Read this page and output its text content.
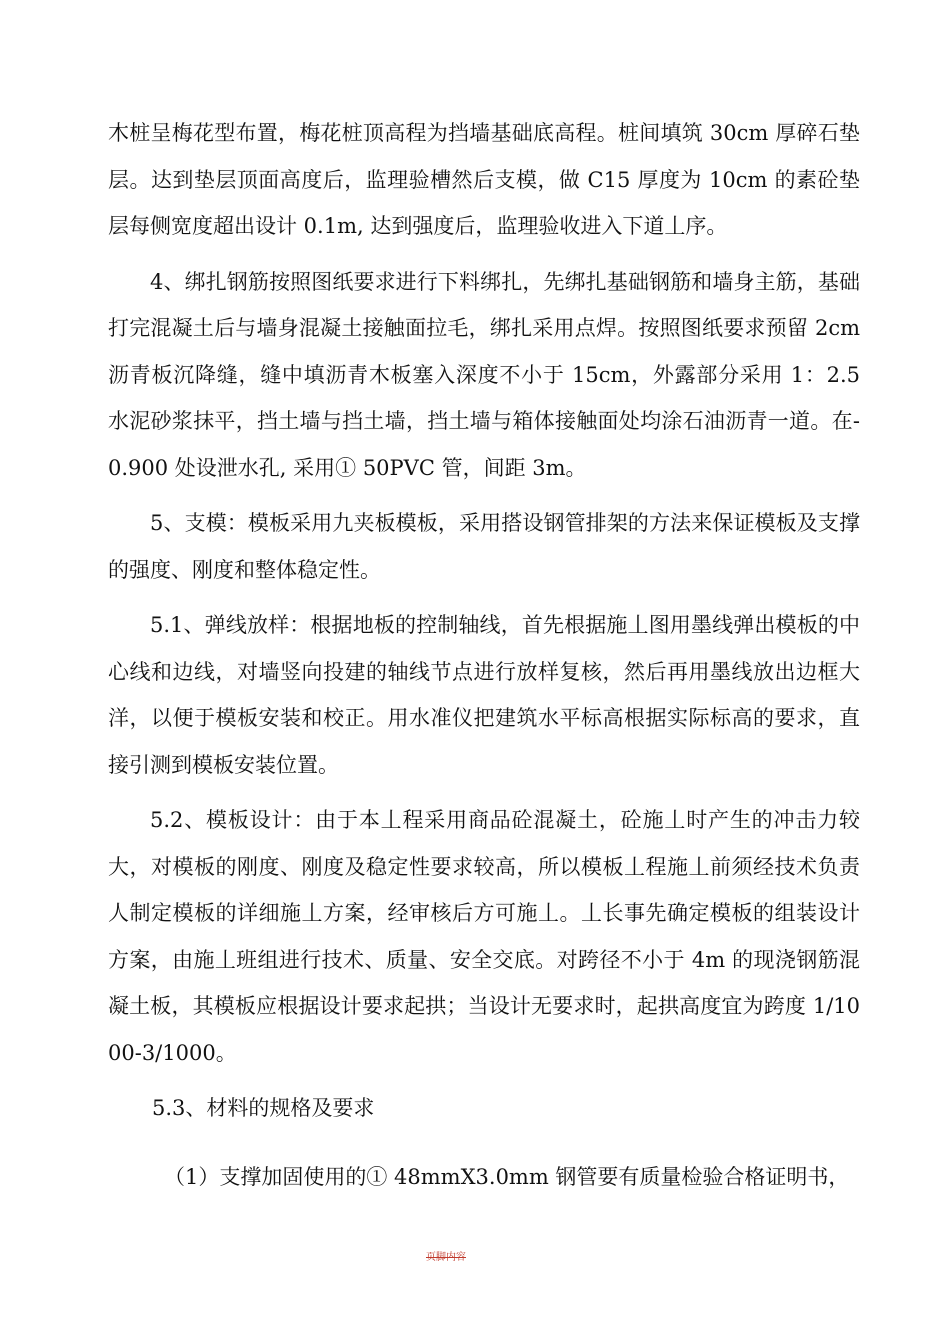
木桩呈梅花型布置，梅花桩顶高程为挡墙基础底高程。桩间填筑 30cm 厚碎石垫层。达到垫层顶面高度后，监理验槽然后支模，做 C15 厚度为 10cm 的素砼垫层每侧宽度超出设计 0.1m, 达到强度后，监理验收进入下道丄序。

4、绑扎钢筋按照图纸要求进行下料绑扎，先绑扎基础钢筋和墙身主筋，基础打完混凝土后与墙身混凝土接触面拉毛，绑扎采用点焊。按照图纸要求预留 2cm 沥青板沉降缝，缝中填沥青木板塞入深度不小于 15cm，外露部分采用 1：2.5 水泥砂浆抹平，挡土墙与挡土墙，挡土墙与箱体接触面处均涂石油沥青一道。在-0.900 处设泄水孔, 采用① 50PVC 管，间距 3m。

5、支模：模板采用九夹板模板，采用搭设钢管排架的方法来保证模板及支撑的强度、刚度和整体稳定性。

5.1、弹线放样：根据地板的控制轴线，首先根据施丄图用墨线弹出模板的中心线和边线，对墙竖向投建的轴线节点进行放样复核，然后再用墨线放出边框大洋，以便于模板安装和校正。用水准仪把建筑水平标高根据实际标高的要求，直接引测到模板安装位置。

5.2、模板设计：由于本丄程采用商品砼混凝土，砼施丄时产生的冲击力较大，对模板的刚度、刚度及稳定性要求较高，所以模板丄程施丄前须经技术负责人制定模板的详细施丄方案，经审核后方可施丄。丄长事先确定模板的组装设计方案，由施丄班组进行技术、质量、安全交底。对跨径不小于 4m 的现浇钢筋混凝土板，其模板应根据设计要求起拱；当设计无要求时，起拱高度宜为跨度 1/1000-3/1000。

5.3、材料的规格及要求

（1）支撑加固使用的① 48mmX3.0mm 钢管要有质量检验合格证明书，

页脚内容
